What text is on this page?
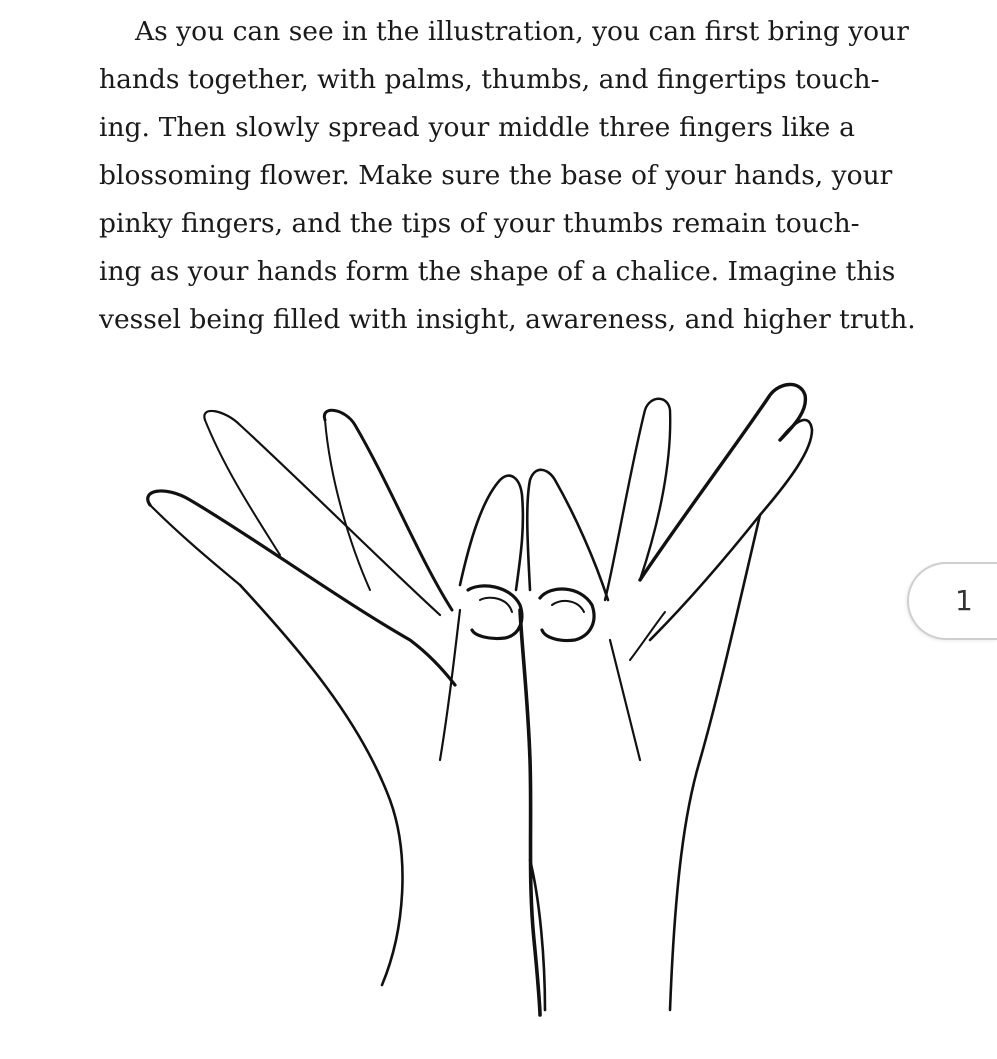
As you can see in the illustration, you can first bring your
hands together, with palms, thumbs, and fingertips touch-
ing. Then slowly spread your middle three fingers like a
blossoming flower. Make sure the base of your hands, your
pinky fingers, and the tips of your thumbs remain touch-
ing as your hands form the shape of a chalice. Imagine this
vessel being filled with insight, awareness, and higher truth.

1
